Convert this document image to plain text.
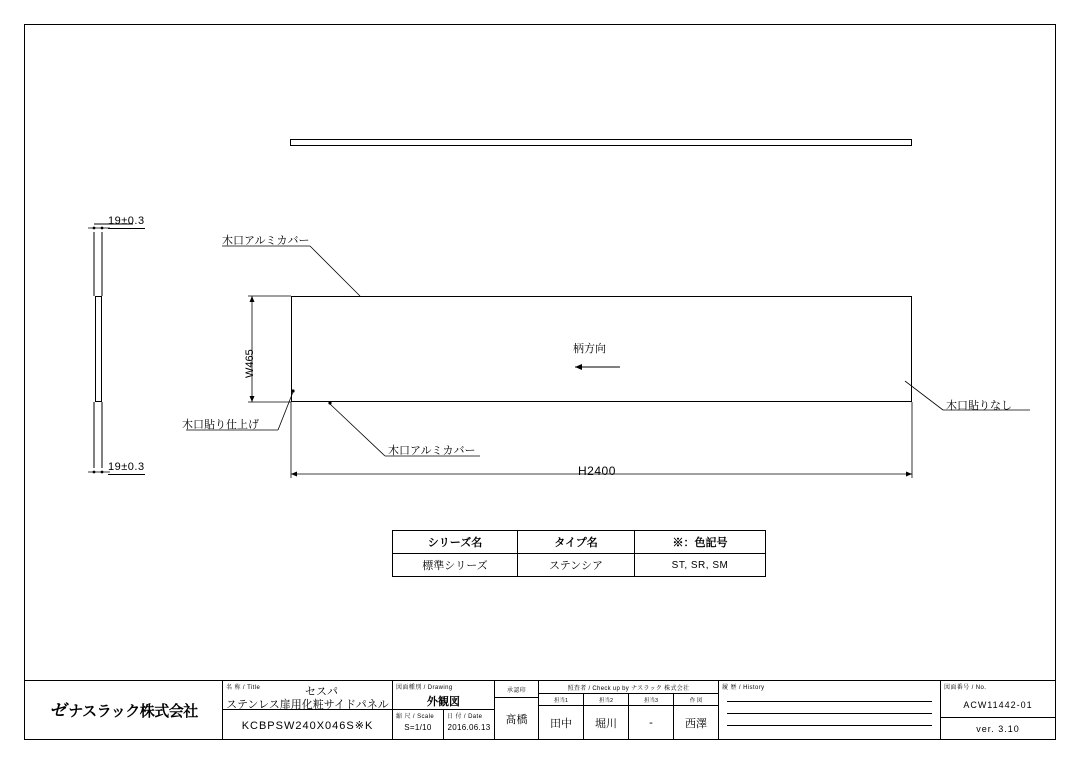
19±0.3
19±0.3
W465
H2400
木口アルミカバー
木口アルミカバー
木口貼り仕上げ
木口貼りなし
柄方向
シリーズ名	タイプ名	※：色記号
標準シリーズ	ステンシア	ST, SR, SM
ゼ ナスラック株式会社
名 称 / Title	セスパ
ステンレス扉用化粧サイドパネル
KCBPSW240X046S※K
図面種別 / Drawing
外観図
縮 尺 / Scale
S=1/10
日 付 / Date
2016.06.13
承認印
髙橋
照査者 / Check up by ナスラック 株式会社
担当1	担当2	担当3	作 図
田中	堀川	-	西澤
履 歴 / History	図面番号 / No.
ACW11442-01
ver. 3.10
